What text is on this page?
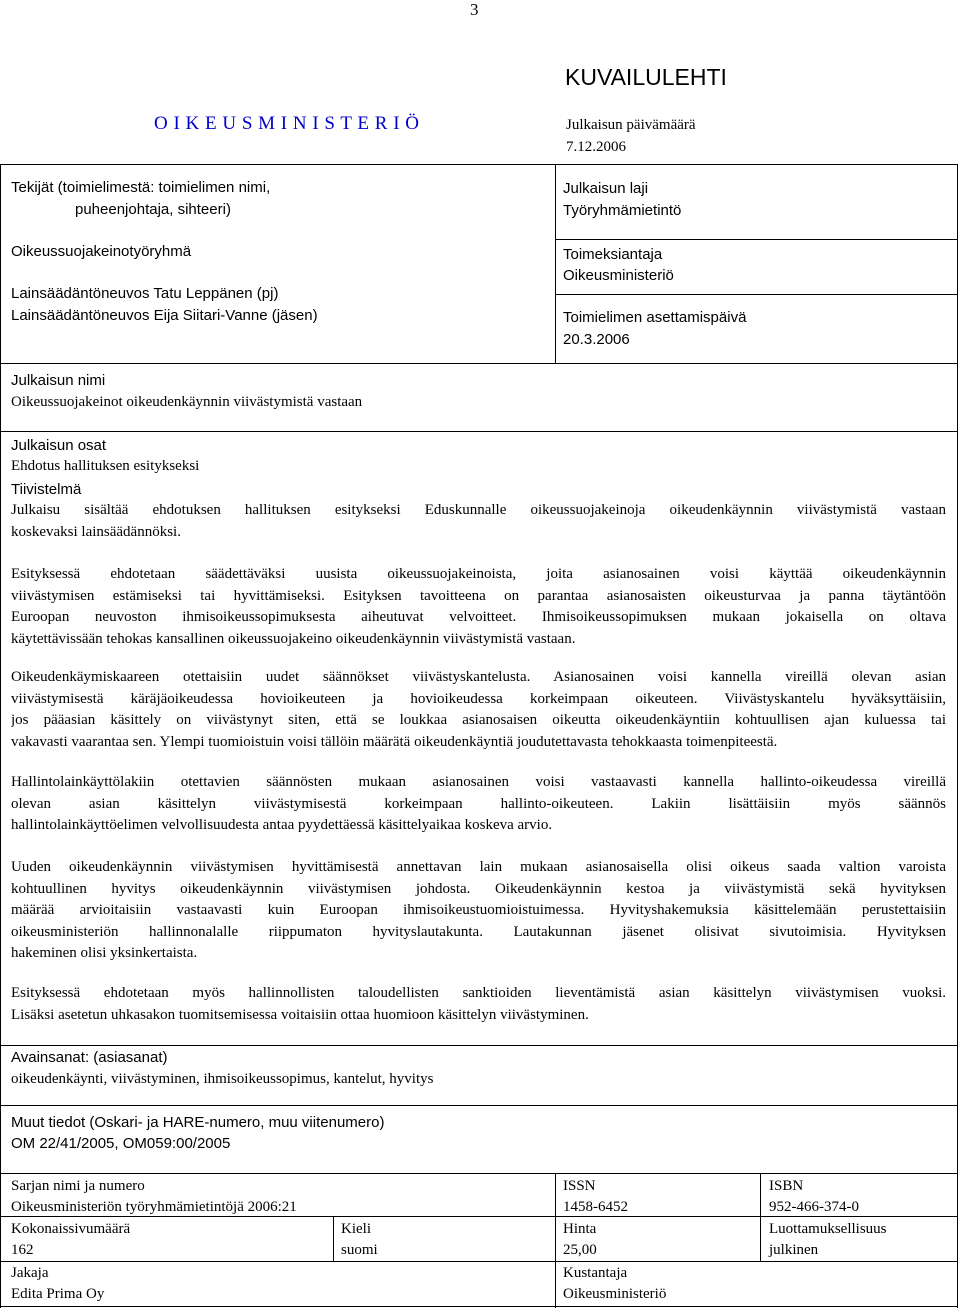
3
O I K E U S M I N I S T E R I Ö
KUVAILULEHTI
Julkaisun päivämäärä
7.12.2006
Tekijät (toimielimestä: toimielimen nimi,
puheenjohtaja, sihteeri)
Oikeussuojakeinotyöryhmä
Lainsäädäntöneuvos Tatu Leppänen (pj)
Lainsäädäntöneuvos Eija Siitari-Vanne (jäsen)
Julkaisun laji
Työryhmämietintö
Toimeksiantaja
Oikeusministeriö
Toimielimen asettamispäivä
20.3.2006
Julkaisun nimi
Oikeussuojakeinot oikeudenkäynnin viivästymistä vastaan
Julkaisun osat
Ehdotus hallituksen esitykseksi
Tiivistelmä
Julkaisu sisältää ehdotuksen hallituksen esitykseksi Eduskunnalle oikeussuojakeinoja oikeudenkäynnin viivästymistä vastaan
koskevaksi lainsäädännöksi.
Esityksessä ehdotetaan säädettäväksi uusista oikeussuojakeinoista, joita asianosainen voisi käyttää oikeudenkäynnin
viivästymisen estämiseksi tai hyvittämiseksi. Esityksen tavoitteena on parantaa asianosaisten oikeusturvaa ja panna täytäntöön
Euroopan neuvoston ihmisoikeussopimuksesta aiheutuvat velvoitteet. Ihmisoikeussopimuksen mukaan jokaisella on oltava
käytettävissään tehokas kansallinen oikeussuojakeino oikeudenkäynnin viivästymistä vastaan.
Oikeudenkäymiskaareen otettaisiin uudet säännökset viivästyskantelusta. Asianosainen voisi kannella vireillä olevan asian
viivästymisestä käräjäoikeudessa hovioikeuteen ja hovioikeudessa korkeimpaan oikeuteen. Viivästyskantelu hyväksyttäisiin,
jos pääasian käsittely on viivästynyt siten, että se loukkaa asianosaisen oikeutta oikeudenkäyntiin kohtuullisen ajan kuluessa tai
vakavasti vaarantaa sen. Ylempi tuomioistuin voisi tällöin määrätä oikeudenkäyntiä joudutettavasta tehokkaasta toimenpiteestä.
Hallintolainkäyttölakiin otettavien säännösten mukaan asianosainen voisi vastaavasti kannella hallinto-oikeudessa vireillä
olevan asian käsittelyn viivästymisestä korkeimpaan hallinto-oikeuteen. Lakiin lisättäisiin myös säännös
hallintolainkäyttöelimen velvollisuudesta antaa pyydettäessä käsittelyaikaa koskeva arvio.
Uuden oikeudenkäynnin viivästymisen hyvittämisestä annettavan lain mukaan asianosaisella olisi oikeus saada valtion varoista
kohtuullinen hyvitys oikeudenkäynnin viivästymisen johdosta. Oikeudenkäynnin kestoa ja viivästymistä sekä hyvityksen
määrää arvioitaisiin vastaavasti kuin Euroopan ihmisoikeustuomioistuimessa. Hyvityshakemuksia käsittelemään perustettaisiin
oikeusministeriön hallinnonalalle riippumaton hyvityslautakunta. Lautakunnan jäsenet olisivat sivutoimisia. Hyvityksen
hakeminen olisi yksinkertaista.
Esityksessä ehdotetaan myös hallinnollisten taloudellisten sanktioiden lieventämistä asian käsittelyn viivästymisen vuoksi.
Lisäksi asetetun uhkasakon tuomitsemisessa voitaisiin ottaa huomioon käsittelyn viivästyminen.
Avainsanat: (asiasanat)
oikeudenkäynti, viivästyminen, ihmisoikeussopimus, kantelut, hyvitys
Muut tiedot (Oskari- ja HARE-numero, muu viitenumero)
OM 22/41/2005, OM059:00/2005
Sarjan nimi ja numero
Oikeusministeriön työryhmämietintöjä 2006:21
ISSN
1458-6452
ISBN
952-466-374-0
Kokonaissivumäärä
162
Kieli
suomi
Hinta
25,00
Luottamuksellisuus
julkinen
Jakaja
Edita Prima Oy
Kustantaja
Oikeusministeriö
